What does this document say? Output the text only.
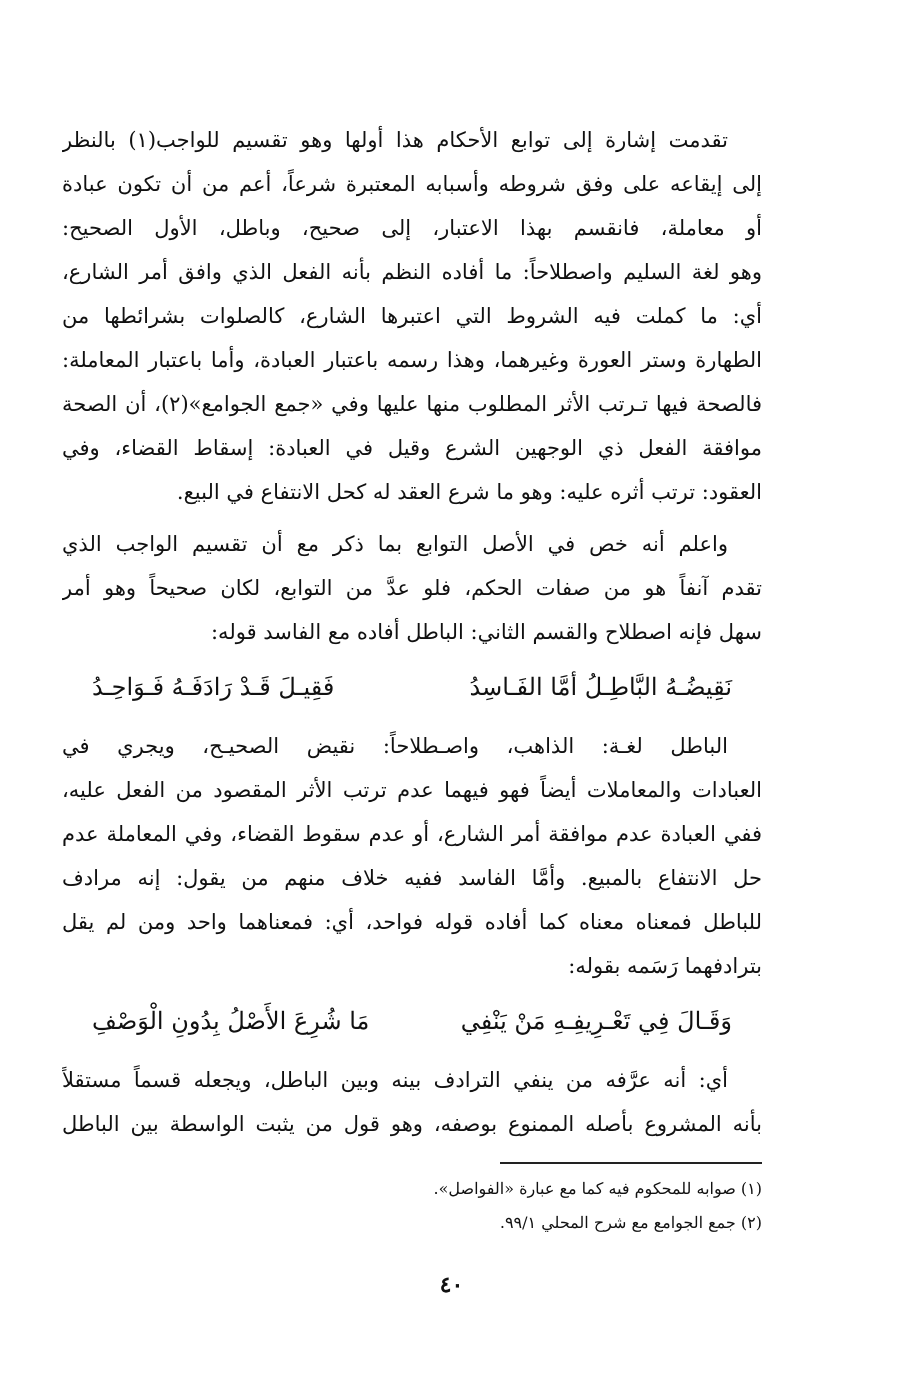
تقدمت إشارة إلى توابع الأحكام هذا أولها وهو تقسيم للواجب(١) بالنظر
إلى إيقاعه على وفق شروطه وأسبابه المعتبرة شرعاً، أعم من أن تكون عبادة
أو معاملة، فانقسم بهذا الاعتبار، إلى صحيح، وباطل، الأول الصحيح:
وهو لغة السليم واصطلاحاً: ما أفاده النظم بأنه الفعل الذي وافق أمر الشارع،
أي: ما كملت فيه الشروط التي اعتبرها الشارع، كالصلوات بشرائطها من
الطهارة وستر العورة وغيرهما، وهذا رسمه باعتبار العبادة، وأما باعتبار المعاملة:
فالصحة فيها تـرتب الأثر المطلوب منها عليها وفي «جمع الجوامع»(٢)، أن الصحة
موافقة الفعل ذي الوجهين الشرع وقيل في العبادة: إسقاط القضاء، وفي
العقود: ترتب أثره عليه: وهو ما شرع العقد له كحل الانتفاع في البيع.
واعلم أنه خص في الأصل التوابع بما ذكر مع أن تقسيم الواجب الذي
تقدم آنفاً هو من صفات الحكم، فلو عدَّ من التوابع، لكان صحيحاً وهو أمر
سهل فإنه اصطلاح والقسم الثاني: الباطل أفاده مع الفاسد قوله:
نَقِيضُـهُ البَّاطِـلُ أمَّا الفَـاسِدُ
فَقِيـلَ قَـدْ رَادَفَـهُ فَـوَاحِـدُ
الباطل لغـة: الذاهب، واصـطلاحاً: نقيض الصحيـح، ويجري في
العبادات والمعاملات أيضاً فهو فيهما عدم ترتب الأثر المقصود من الفعل عليه،
ففي العبادة عدم موافقة أمر الشارع، أو عدم سقوط القضاء، وفي المعاملة عدم
حل الانتفاع بالمبيع. وأمَّا الفاسد ففيه خلاف منهم من يقول: إنه مرادف
للباطل فمعناه معناه كما أفاده قوله فواحد، أي: فمعناهما واحد ومن لم يقل
بترادفهما رَسَمه بقوله:
وَقَـالَ فِي تَعْـرِيفِـهِ مَنْ يَنْفِي
مَا شُرِعَ الأَصْلُ بِدُونِ الْوَصْفِ
أي: أنه عرَّفه من ينفي الترادف بينه وبين الباطل، ويجعله قسماً مستقلاً
بأنه المشروع بأصله الممنوع بوصفه، وهو قول من يثبت الواسطة بين الباطل
(١) صوابه للمحكوم فيه كما مع عبارة «الفواصل».
(٢) جمع الجوامع مع شرح المحلي ٩٩/١.
٤٠
